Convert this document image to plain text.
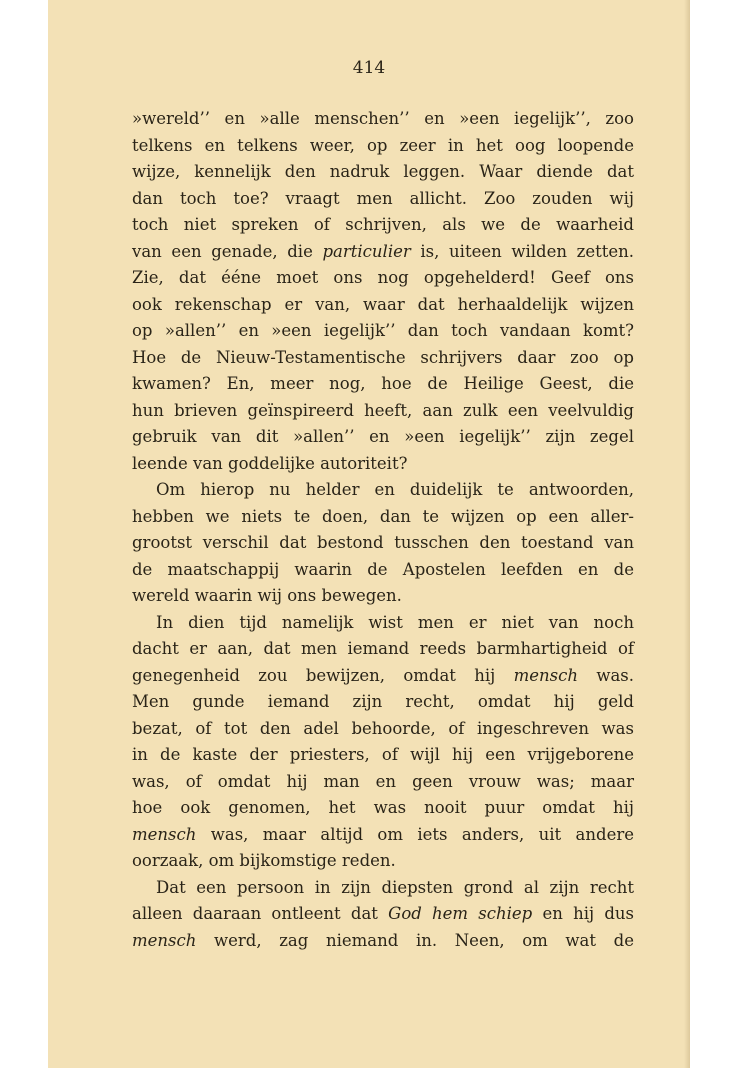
414
»wereld’’ en »alle menschen’’ en »een iegelijk’’, zoo
telkens en telkens weer, op zeer in het oog loopende
wijze, kennelijk den nadruk leggen. Waar diende dat
dan toch toe? vraagt men allicht. Zoo zouden wij
toch niet spreken of schrijven, als we de waarheid
van een genade, die particulier is, uiteen wilden zetten.
Zie, dat ééne moet ons nog opgehelderd! Geef ons
ook rekenschap er van, waar dat herhaaldelijk wijzen
op »allen’’ en »een iegelijk’’ dan toch vandaan komt?
Hoe de Nieuw-Testamentische schrijvers daar zoo op
kwamen? En, meer nog, hoe de Heilige Geest, die
hun brieven geïnspireerd heeft, aan zulk een veelvuldig
gebruik van dit »allen’’ en »een iegelijk’’ zijn zegel
leende van goddelijke autoriteit?
Om hierop nu helder en duidelijk te antwoorden,
hebben we niets te doen, dan te wijzen op een aller-
grootst verschil dat bestond tusschen den toestand van
de maatschappij waarin de Apostelen leefden en de
wereld waarin wij ons bewegen.
In dien tijd namelijk wist men er niet van noch
dacht er aan, dat men iemand reeds barmhartigheid of
genegenheid zou bewijzen, omdat hij mensch was.
Men gunde iemand zijn recht, omdat hij geld
bezat, of tot den adel behoorde, of ingeschreven was
in de kaste der priesters, of wijl hij een vrijgeborene
was, of omdat hij man en geen vrouw was; maar
hoe ook genomen, het was nooit puur omdat hij
mensch was, maar altijd om iets anders, uit andere
oorzaak, om bijkomstige reden.
Dat een persoon in zijn diepsten grond al zijn recht
alleen daaraan ontleent dat God hem schiep en hij dus
mensch werd, zag niemand in. Neen, om wat de
